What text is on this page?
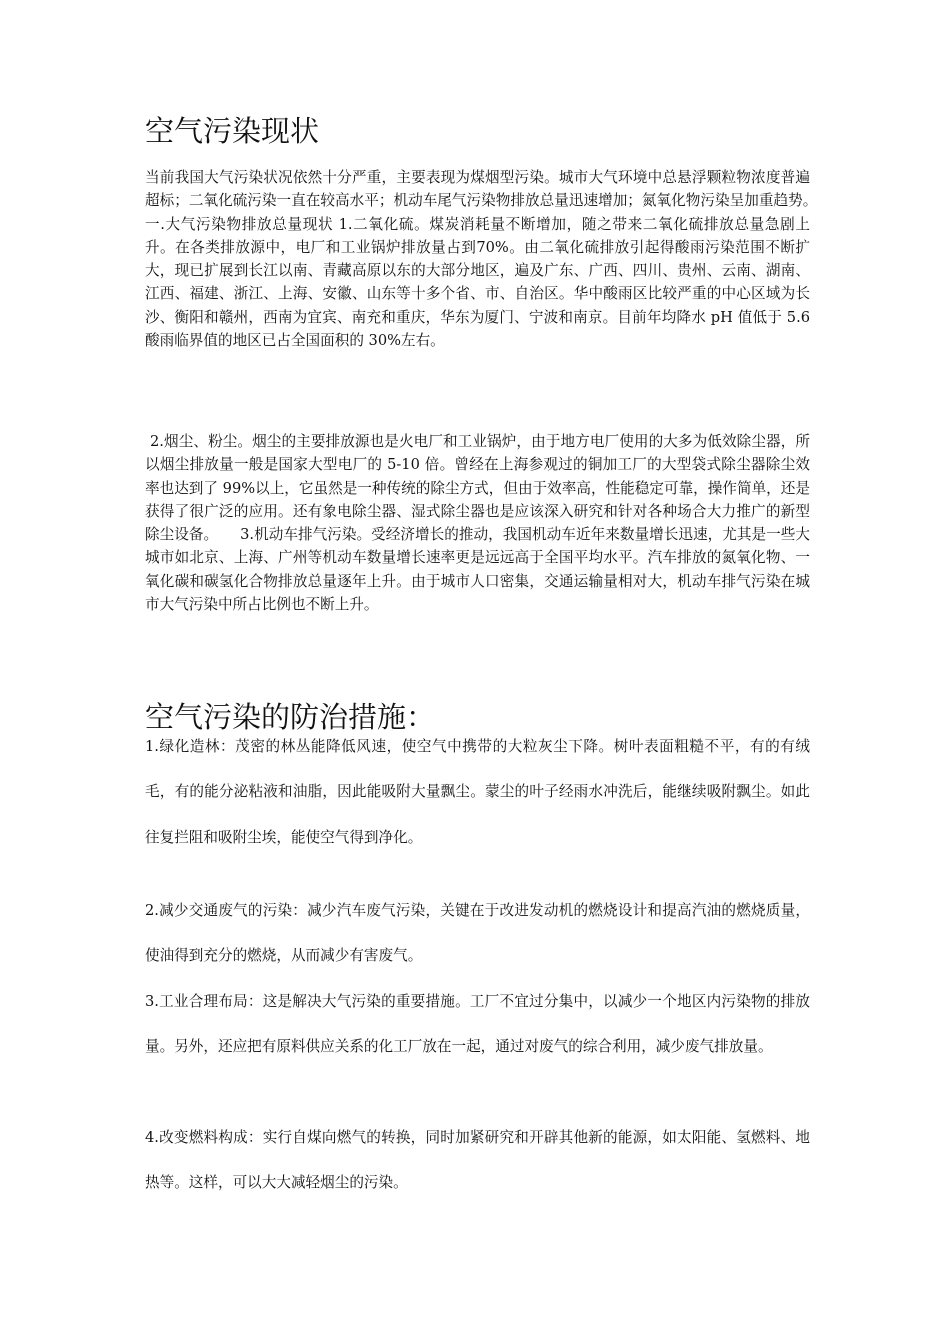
空气污染现状

当前我国大气污染状况依然十分严重，主要表现为煤烟型污染。城市大气环境中总悬浮颗粒物浓度普遍超标；二氧化硫污染一直在较高水平；机动车尾气污染物排放总量迅速增加；氮氧化物污染呈加重趋势。　　　一.大气污染物排放总量现状 1.二氧化硫。煤炭消耗量不断增加，随之带来二氧化硫排放总量急剧上升。在各类排放源中，电厂和工业锅炉排放量占到70%。由二氧化硫排放引起得酸雨污染范围不断扩大，现已扩展到长江以南、青藏高原以东的大部分地区，遍及广东、广西、四川、贵州、云南、湖南、江西、福建、浙江、上海、安徽、山东等十多个省、市、自治区。华中酸雨区比较严重的中心区域为长沙、衡阳和赣州，西南为宜宾、南充和重庆，华东为厦门、宁波和南京。目前年均降水 pH 值低于 5.6 酸雨临界值的地区已占全国面积的 30%左右。

2.烟尘、粉尘。烟尘的主要排放源也是火电厂和工业锅炉，由于地方电厂使用的大多为低效除尘器，所以烟尘排放量一般是国家大型电厂的 5-10 倍。曾经在上海参观过的铜加工厂的大型袋式除尘器除尘效率也达到了 99%以上，它虽然是一种传统的除尘方式，但由于效率高，性能稳定可靠，操作简单，还是获得了很广泛的应用。还有象电除尘器、湿式除尘器也是应该深入研究和针对各种场合大力推广的新型除尘设备。　　3.机动车排气污染。受经济增长的推动，我国机动车近年来数量增长迅速，尤其是一些大城市如北京、上海、广州等机动车数量增长速率更是远远高于全国平均水平。汽车排放的氮氧化物、一氧化碳和碳氢化合物排放总量逐年上升。由于城市人口密集，交通运输量相对大，机动车排气污染在城市大气污染中所占比例也不断上升。

空气污染的防治措施：

1.绿化造林：茂密的林丛能降低风速，使空气中携带的大粒灰尘下降。树叶表面粗糙不平，有的有绒毛，有的能分泌粘液和油脂，因此能吸附大量飘尘。蒙尘的叶子经雨水冲洗后，能继续吸附飘尘。如此往复拦阻和吸附尘埃，能使空气得到净化。

2.减少交通废气的污染：减少汽车废气污染，关键在于改进发动机的燃烧设计和提高汽油的燃烧质量，使油得到充分的燃烧，从而减少有害废气。

3.工业合理布局：这是解决大气污染的重要措施。工厂不宜过分集中，以减少一个地区内污染物的排放量。另外，还应把有原料供应关系的化工厂放在一起，通过对废气的综合利用，减少废气排放量。

4.改变燃料构成：实行自煤向燃气的转换，同时加紧研究和开辟其他新的能源，如太阳能、氢燃料、地热等。这样，可以大大减轻烟尘的污染。
